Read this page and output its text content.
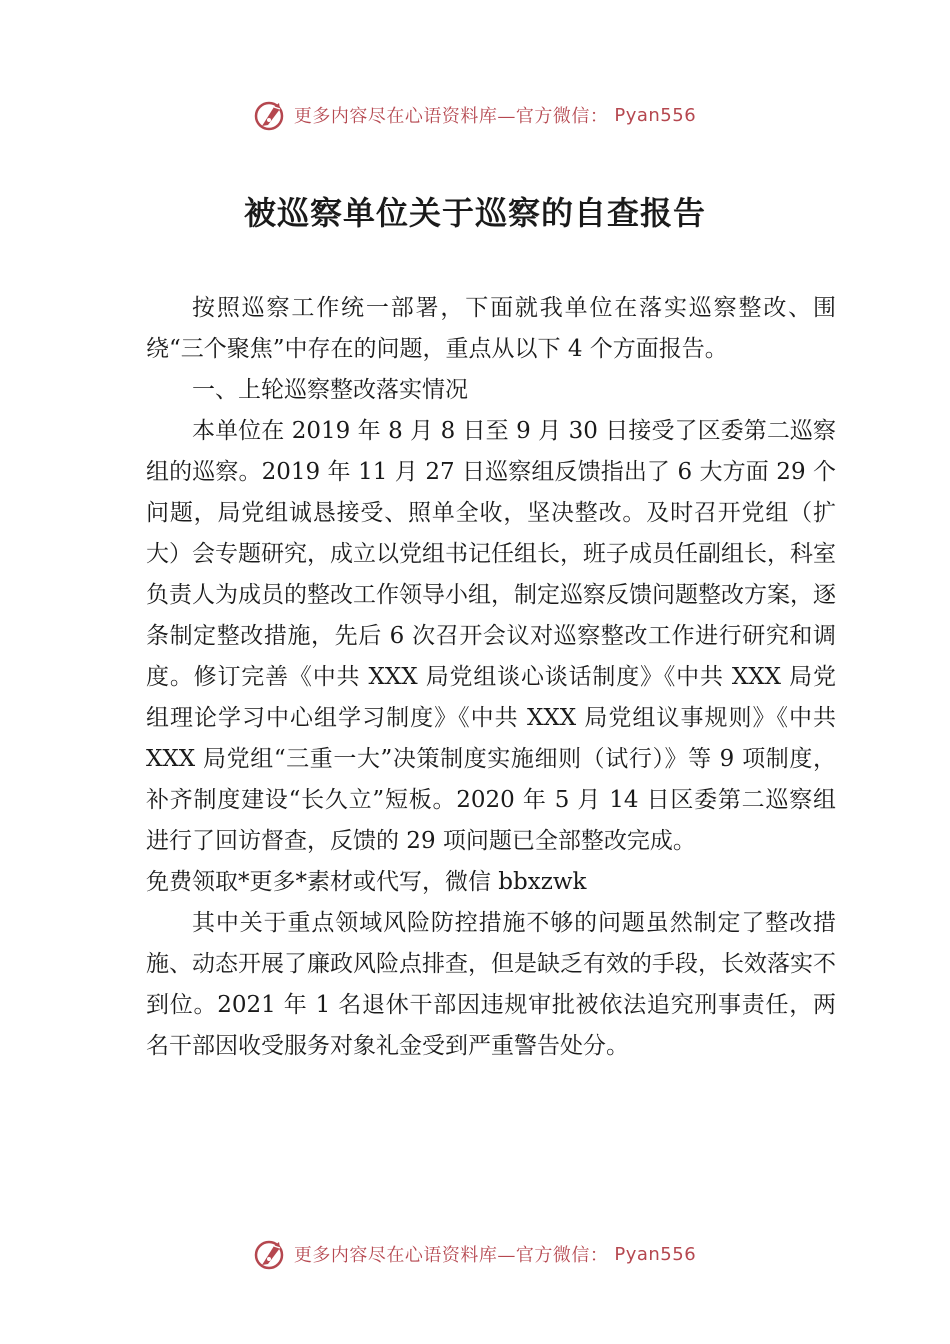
更多内容尽在心语资料库—官方微信： Pyan556
被巡察单位关于巡察的自查报告

按照巡察工作统一部署，下面就我单位在落实巡察整改、围绕“三个聚焦”中存在的问题，重点从以下 4 个方面报告。

一、上轮巡察整改落实情况

本单位在 2019 年 8 月 8 日至 9 月 30 日接受了区委第二巡察组的巡察。2019 年 11 月 27 日巡察组反馈指出了 6 大方面 29 个问题，局党组诚恳接受、照单全收，坚决整改。及时召开党组（扩大）会专题研究，成立以党组书记任组长，班子成员任副组长，科室负责人为成员的整改工作领导小组，制定巡察反馈问题整改方案，逐条制定整改措施，先后 6 次召开会议对巡察整改工作进行研究和调度。修订完善《中共 XXX 局党组谈心谈话制度》《中共 XXX 局党组理论学习中心组学习制度》《中共 XXX 局党组议事规则》《中共 XXX 局党组“三重一大”决策制度实施细则（试行）》等 9 项制度，补齐制度建设“长久立”短板。2020 年 5 月 14 日区委第二巡察组进行了回访督查，反馈的 29 项问题已全部整改完成。

免费领取*更多*素材或代写，微信 bbxzwk

其中关于重点领域风险防控措施不够的问题虽然制定了整改措施、动态开展了廉政风险点排查，但是缺乏有效的手段，长效落实不到位。2021 年 1 名退休干部因违规审批被依法追究刑事责任，两名干部因收受服务对象礼金受到严重警告处分。

更多内容尽在心语资料库—官方微信： Pyan556
